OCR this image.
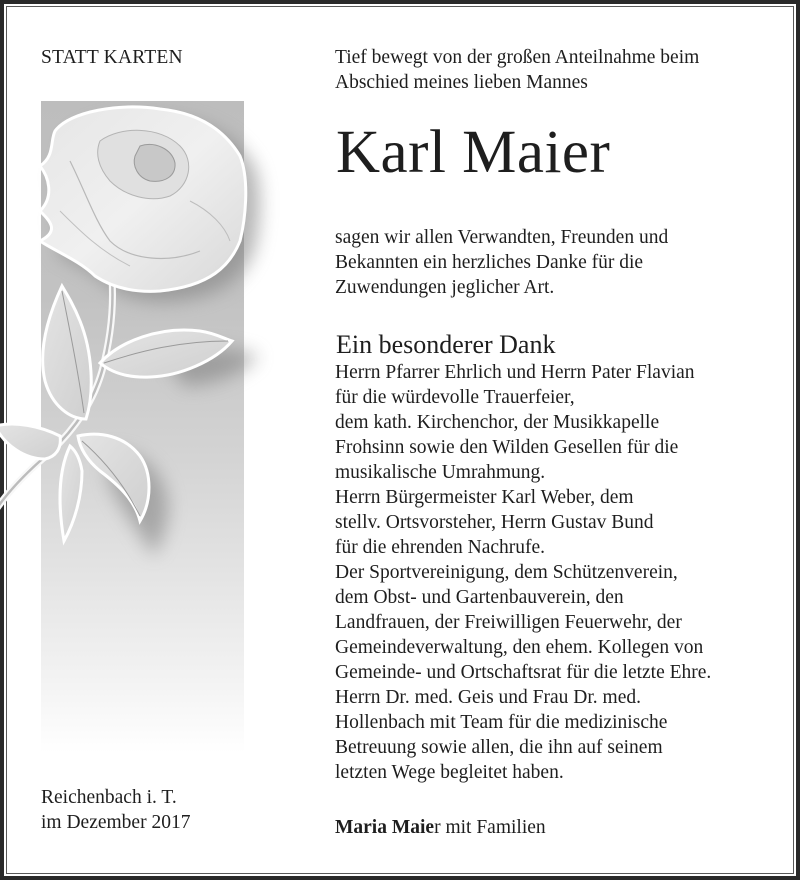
STATT KARTEN
Reichenbach i. T.
im Dezember 2017
Tief bewegt von der großen Anteilnahme beim
Abschied meines lieben Mannes
Karl Maier
sagen wir allen Verwandten, Freunden und
Bekannten ein herzliches Danke für die
Zuwendungen jeglicher Art.
Ein besonderer Dank
Herrn Pfarrer Ehrlich und Herrn Pater Flavian
für die würdevolle Trauerfeier,
dem kath. Kirchenchor, der Musikkapelle
Frohsinn sowie den Wilden Gesellen für die
musikalische Umrahmung.
Herrn Bürgermeister Karl Weber, dem
stellv. Ortsvorsteher, Herrn Gustav Bund
für die ehrenden Nachrufe.
Der Sportvereinigung, dem Schützenverein,
dem Obst- und Gartenbauverein, den
Landfrauen, der Freiwilligen Feuerwehr, der
Gemeindeverwaltung, den ehem. Kollegen von
Gemeinde- und Ortschaftsrat für die letzte Ehre.
Herrn Dr. med. Geis und Frau Dr. med.
Hollenbach mit Team für die medizinische
Betreuung sowie allen, die ihn auf seinem
letzten Wege begleitet haben.
Maria Maier mit Familien
